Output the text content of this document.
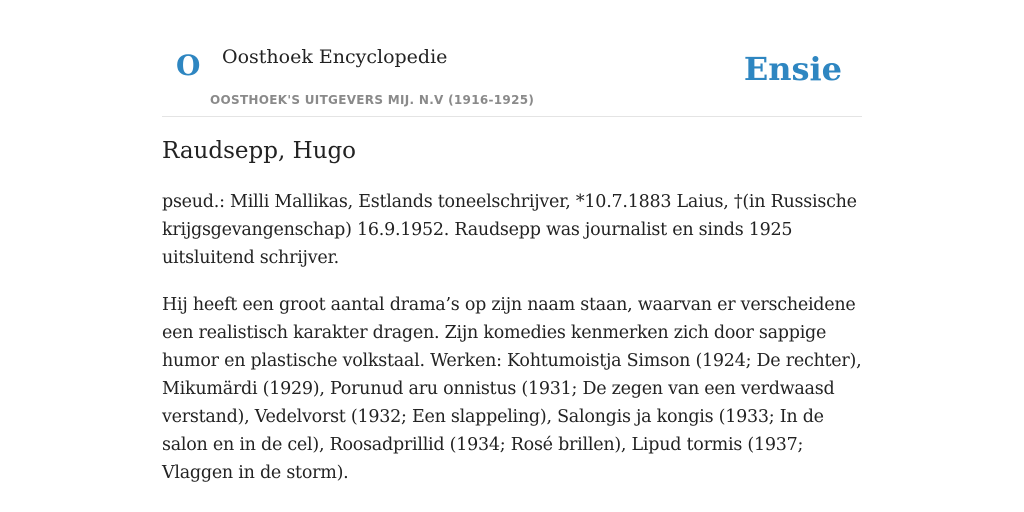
O Oosthoek Encyclopedie
OOSTHOEK'S UITGEVERS MIJ. N.V (1916-1925)
Ensie
Raudsepp, Hugo

pseud.: Milli Mallikas, Estlands toneelschrijver, *10.7.1883 Laius, †(in Russische krijgsgevangenschap) 16.9.1952. Raudsepp was journalist en sinds 1925 uitsluitend schrijver.

Hij heeft een groot aantal drama’s op zijn naam staan, waarvan er verscheidene een realistisch karakter dragen. Zijn komedies kenmerken zich door sappige humor en plastische volkstaal. Werken: Kohtumoistja Simson (1924; De rechter), Mikumärdi (1929), Porunud aru onnistus (1931; De zegen van een verdwaasd verstand), Vedelvorst (1932; Een slappeling), Salongis ja kongis (1933; In de salon en in de cel), Roosadprillid (1934; Rosé brillen), Lipud tormis (1937; Vlaggen in de storm).
